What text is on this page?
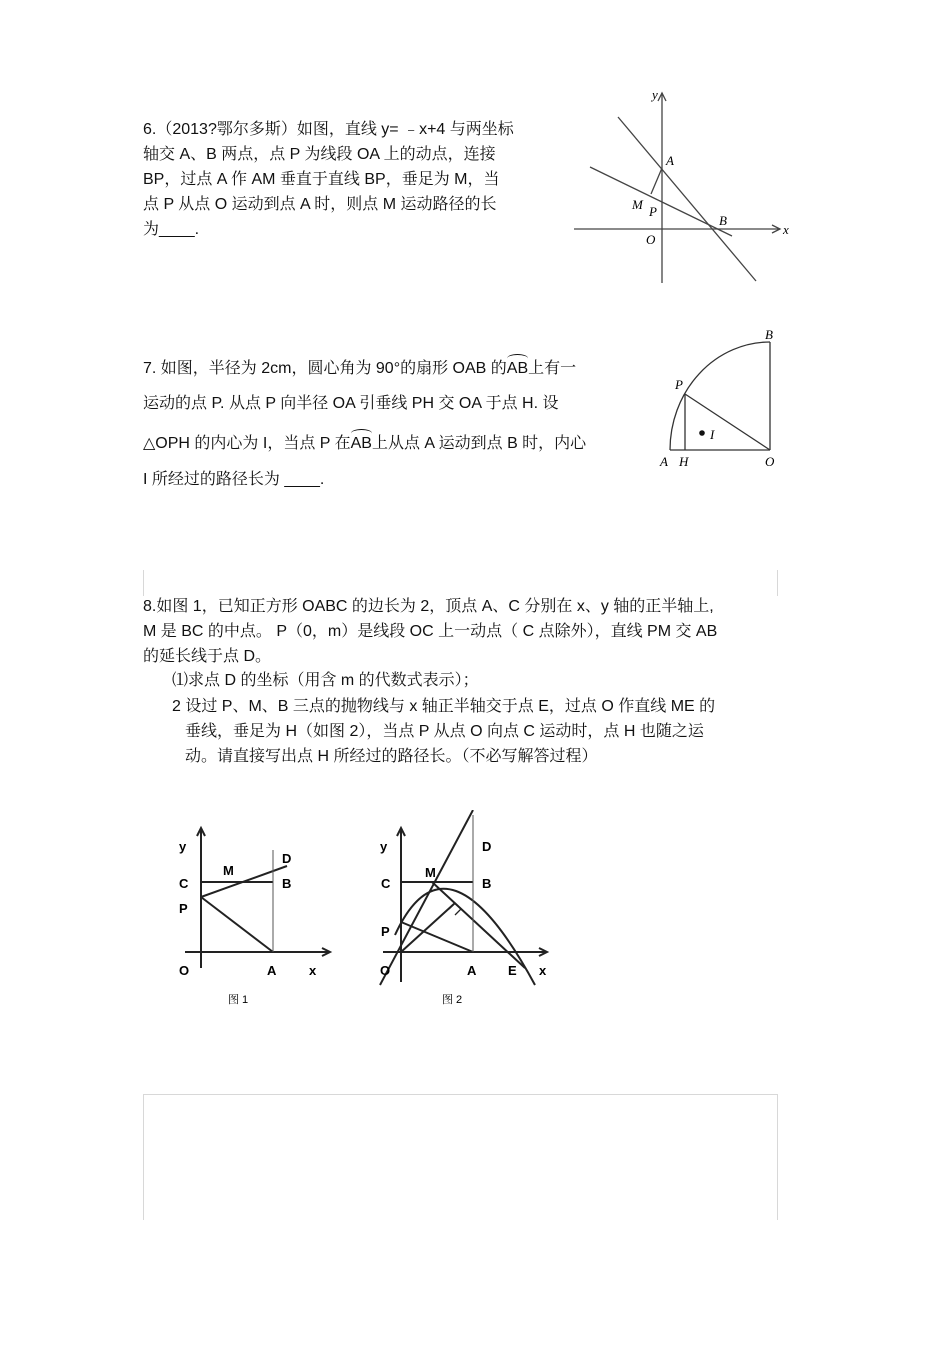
6.（2013?鄂尔多斯）如图，直线 y= ﹣x+4 与两坐标
轴交 A、B 两点，点 P 为线段 OA 上的动点，连接
BP，过点 A 作 AM 垂直于直线 BP，垂足为 M，当
点 P 从点 O 运动到点 A 时，则点 M 运动路径的长
为____.
y
x
A
B
M P
O
7. 如图，半径为 2cm，圆心角为 90°的扇形 OAB 的AB上有一
运动的点 P. 从点 P 向半径 OA 引垂线 PH 交 OA 于点 H. 设
△OPH 的内心为 I，当点 P 在AB上从点 A 运动到点 B 时，内心
I 所经过的路径长为 ____.
B
P
I
A H	O
8.如图 1，已知正方形 OABC 的边长为 2，顶点 A、C 分别在 x、y 轴的正半轴上,
M 是 BC 的中点。 P（0，m）是线段 OC 上一动点（ C 点除外），直线 PM 交 AB
的延长线于点 D。
⑴求点 D 的坐标（用含 m 的代数式表示）；
2 设过 P、M、B 三点的抛物线与 x 轴正半轴交于点 E，过点 O 作直线 ME 的
垂线，垂足为 H（如图 2），当点 P 从点 O 向点 C 运动时，点 H 也随之运
动。请直接写出点 H 所经过的路径长。（不必写解答过程）
y
D
M
C	B
P
O	A	x
图 1
y	D
M
C	B
P
O	A E x
图 2
